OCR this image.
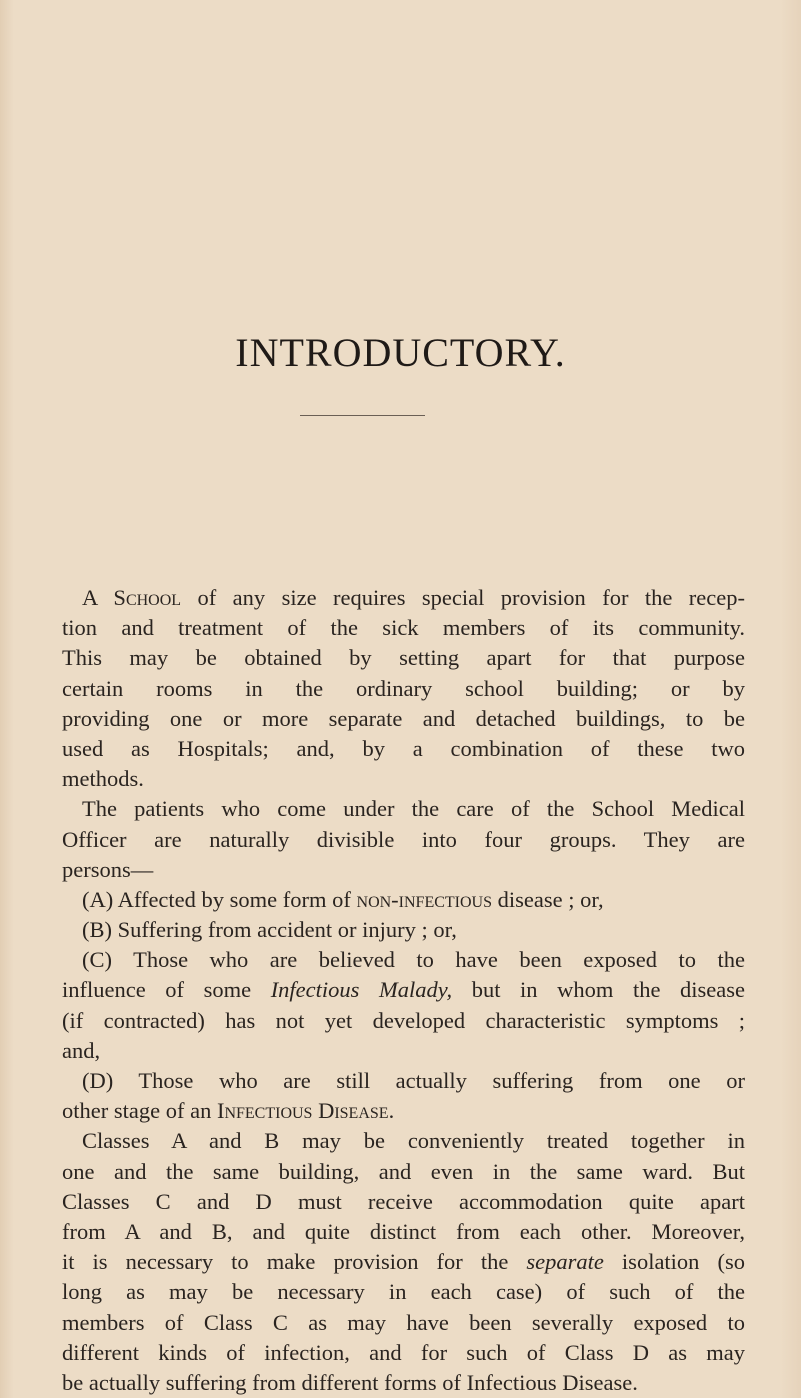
INTRODUCTORY.
A School of any size requires special provision for the recep-
tion and treatment of the sick members of its community.
This may be obtained by setting apart for that purpose
certain rooms in the ordinary school building; or by
providing one or more separate and detached buildings, to be
used as Hospitals; and, by a combination of these two
methods.
The patients who come under the care of the School Medical
Officer are naturally divisible into four groups. They are
persons—
(A) Affected by some form of non-infectious disease ; or,
(B) Suffering from accident or injury ; or,
(C) Those who are believed to have been exposed to the
influence of some Infectious Malady, but in whom the disease
(if contracted) has not yet developed characteristic symptoms ;
and,
(D) Those who are still actually suffering from one or
other stage of an Infectious Disease.
Classes A and B may be conveniently treated together in
one and the same building, and even in the same ward. But
Classes C and D must receive accommodation quite apart
from A and B, and quite distinct from each other. Moreover,
it is necessary to make provision for the separate isolation (so
long as may be necessary in each case) of such of the
members of Class C as may have been severally exposed to
different kinds of infection, and for such of Class D as may
be actually suffering from different forms of Infectious Disease.
